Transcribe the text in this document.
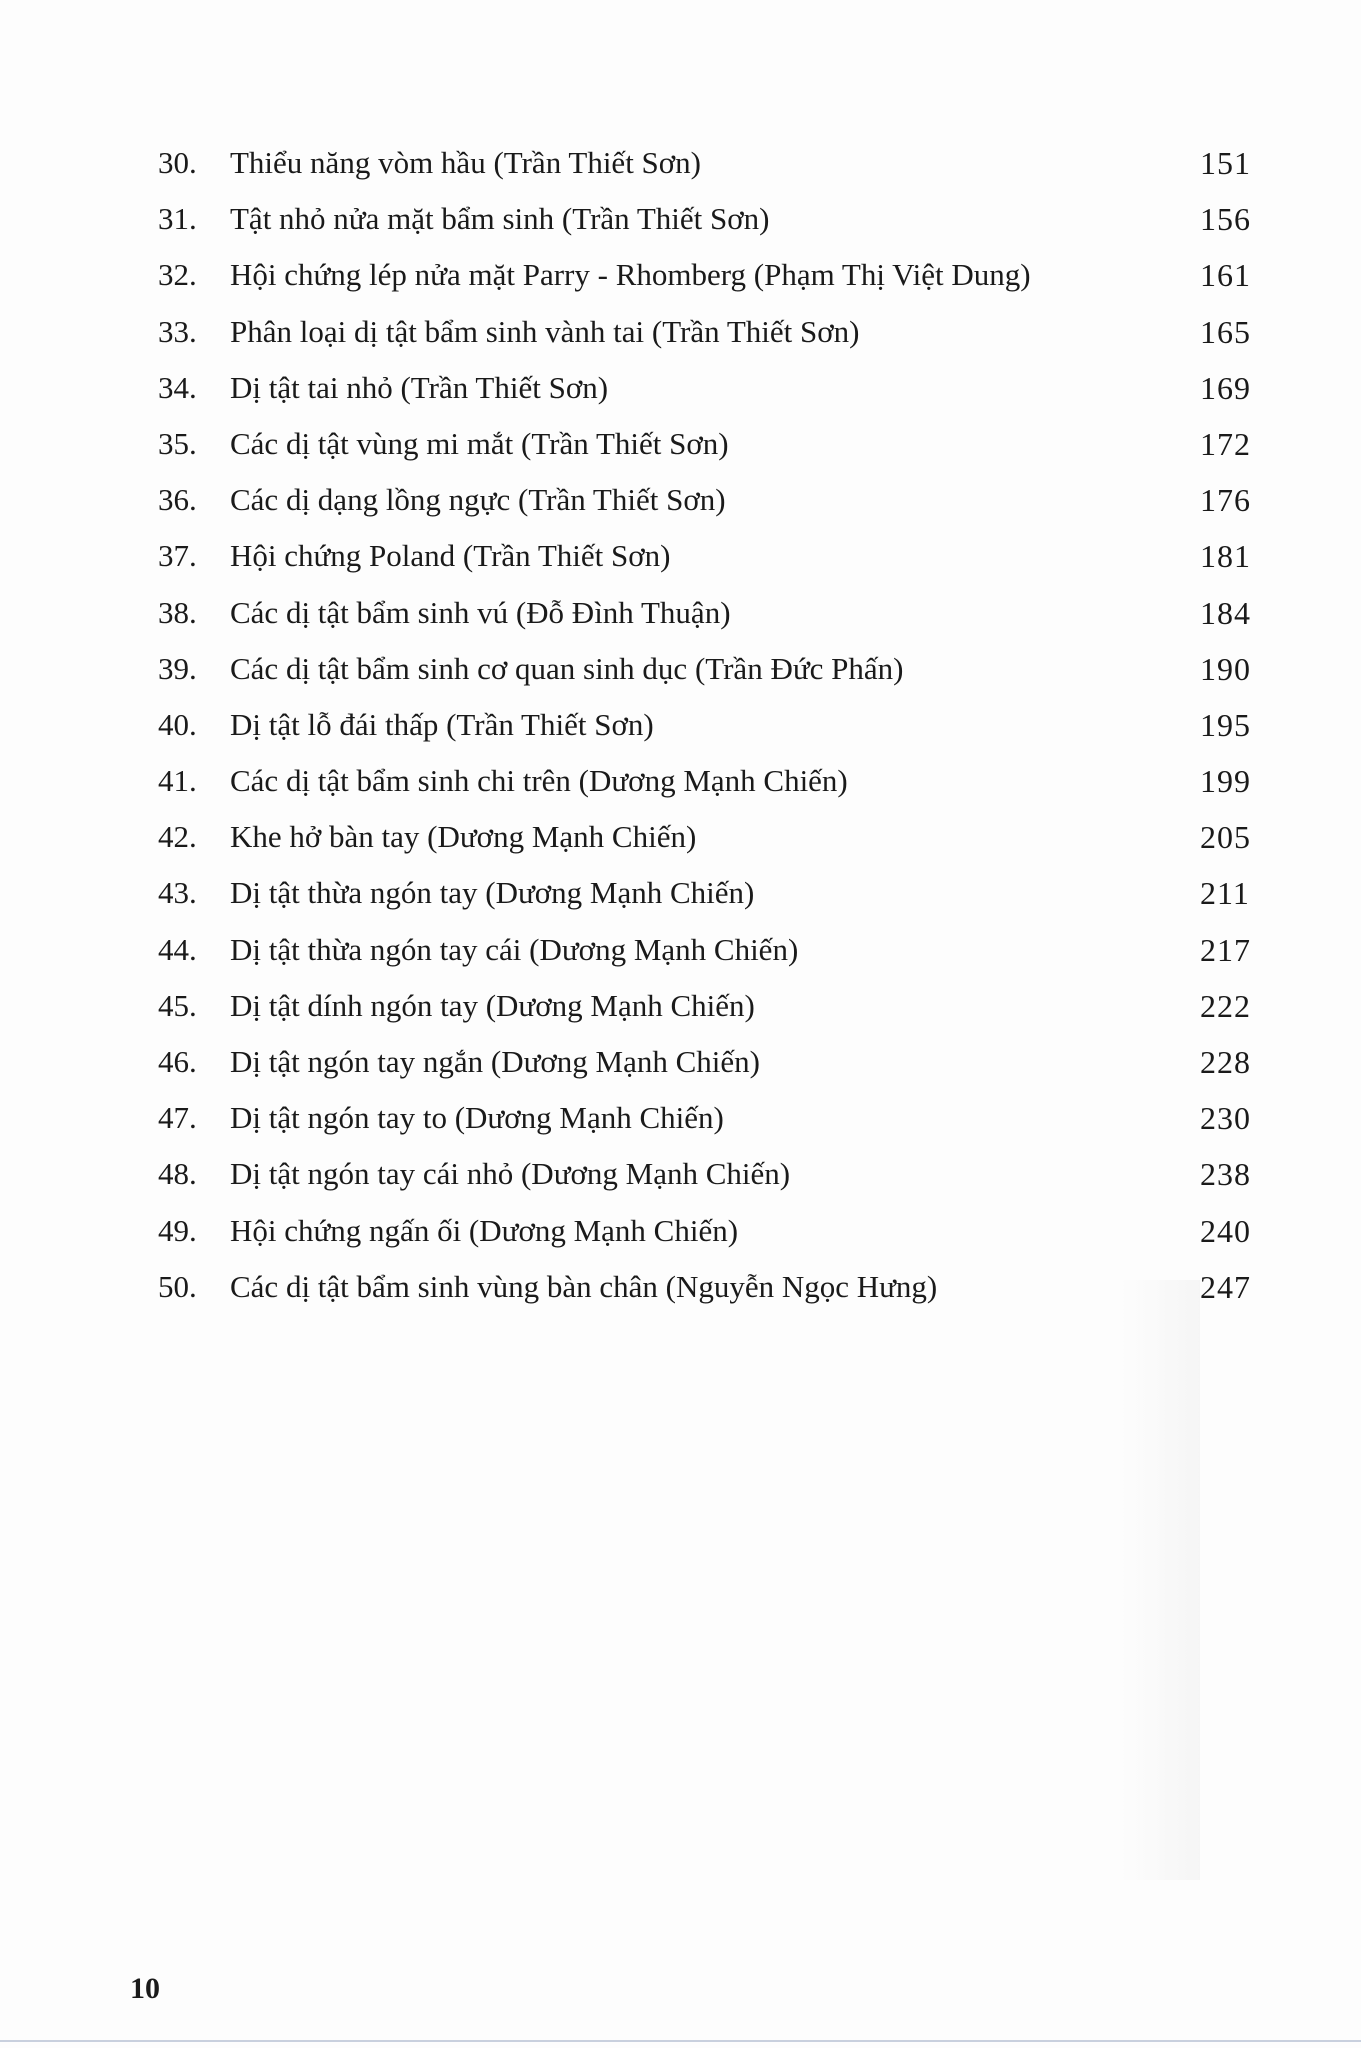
30.	Thiểu năng vòm hầu (Trần Thiết Sơn)	151
31.	Tật nhỏ nửa mặt bẩm sinh (Trần Thiết Sơn)	156
32.	Hội chứng lép nửa mặt Parry - Rhomberg (Phạm Thị Việt Dung)	161
33.	Phân loại dị tật bẩm sinh vành tai (Trần Thiết Sơn)	165
34.	Dị tật tai nhỏ (Trần Thiết Sơn)	169
35.	Các dị tật vùng mi mắt (Trần Thiết Sơn)	172
36.	Các dị dạng lồng ngực (Trần Thiết Sơn)	176
37.	Hội chứng Poland (Trần Thiết Sơn)	181
38.	Các dị tật bẩm sinh vú (Đỗ Đình Thuận)	184
39.	Các dị tật bẩm sinh cơ quan sinh dục (Trần Đức Phấn)	190
40.	Dị tật lỗ đái thấp (Trần Thiết Sơn)	195
41.	Các dị tật bẩm sinh chi trên (Dương Mạnh Chiến)	199
42.	Khe hở bàn tay (Dương Mạnh Chiến)	205
43.	Dị tật thừa ngón tay (Dương Mạnh Chiến)	211
44.	Dị tật thừa ngón tay cái (Dương Mạnh Chiến)	217
45.	Dị tật dính ngón tay (Dương Mạnh Chiến)	222
46.	Dị tật ngón tay ngắn (Dương Mạnh Chiến)	228
47.	Dị tật ngón tay to (Dương Mạnh Chiến)	230
48.	Dị tật ngón tay cái nhỏ (Dương Mạnh Chiến)	238
49.	Hội chứng ngấn ối (Dương Mạnh Chiến)	240
50.	Các dị tật bẩm sinh vùng bàn chân (Nguyễn Ngọc Hưng)	247
10
